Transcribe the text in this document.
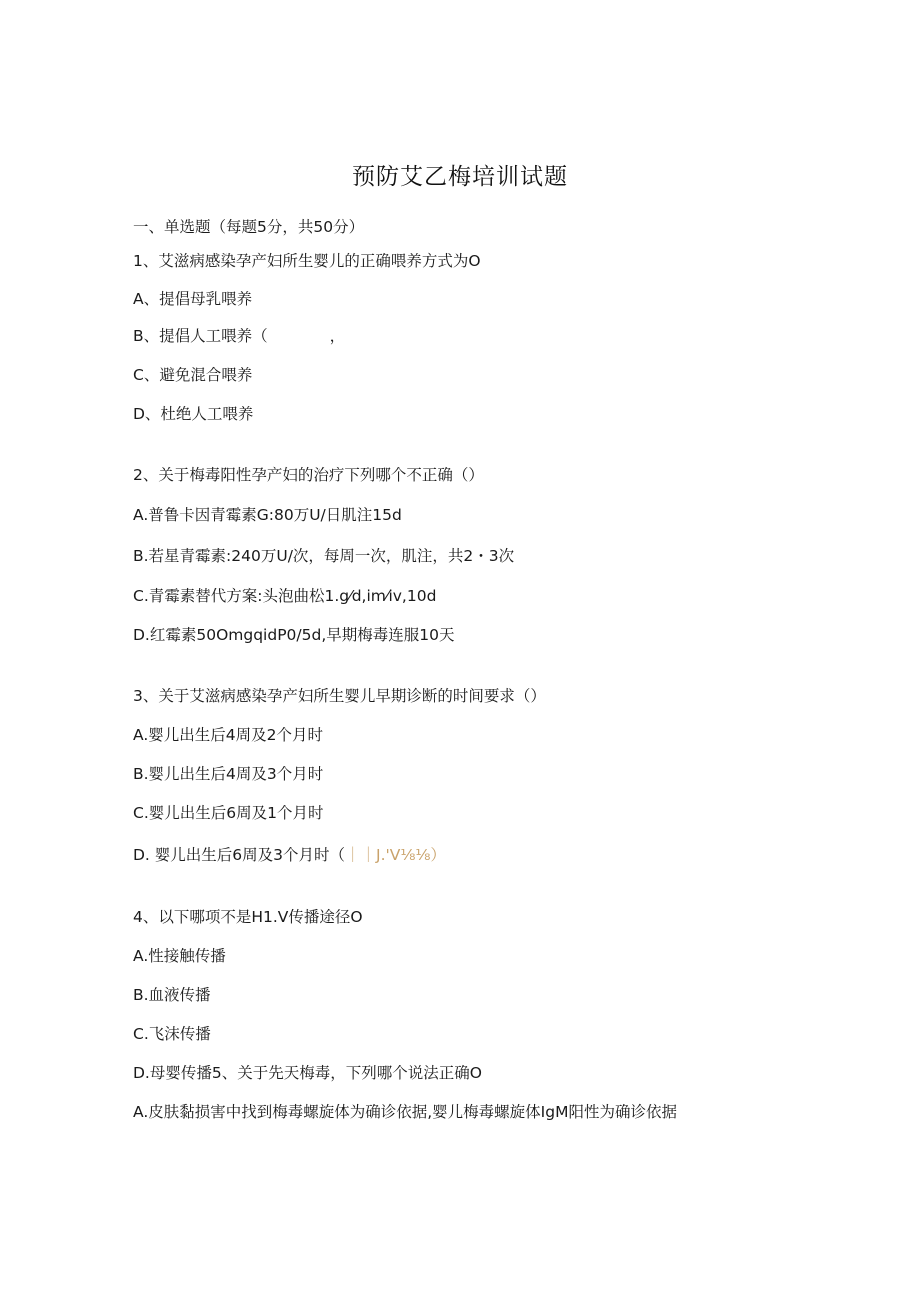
预防艾乙梅培训试题
一、单选题（每题5分，共50分）
1、艾滋病感染孕产妇所生婴儿的正确喂养方式为O
A、提倡母乳喂养
B、提倡人工喂养（　　　　，
C、避免混合喂养
D、杜绝人工喂养
2、关于梅毒阳性孕产妇的治疗下列哪个不正确（）
A.普鲁卡因青霉素G:80万U/日肌注15d
B.若星青霉素:240万U/次，每周一次，肌注，共2・3次
C.青霉素替代方案:头泡曲松1.g⁄d,im⁄iv,10d
D.红霉素50OmgqidP0/5d,早期梅毒连服10天
3、关于艾滋病感染孕产妇所生婴儿早期诊断的时间要求（）
A.婴儿出生后4周及2个月时
B.婴儿出生后4周及3个月时
C.婴儿出生后6周及1个月时
D. 婴儿出生后6周及3个月时（｜｜J.'V⅛⅛）
4、以下哪项不是H1.V传播途径O
A.性接触传播
B.血液传播
C.飞沫传播
D.母婴传播5、关于先天梅毒，下列哪个说法正确O
A.皮肤黏损害中找到梅毒螺旋体为确诊依据,婴儿梅毒螺旋体IgM阳性为确诊依据
